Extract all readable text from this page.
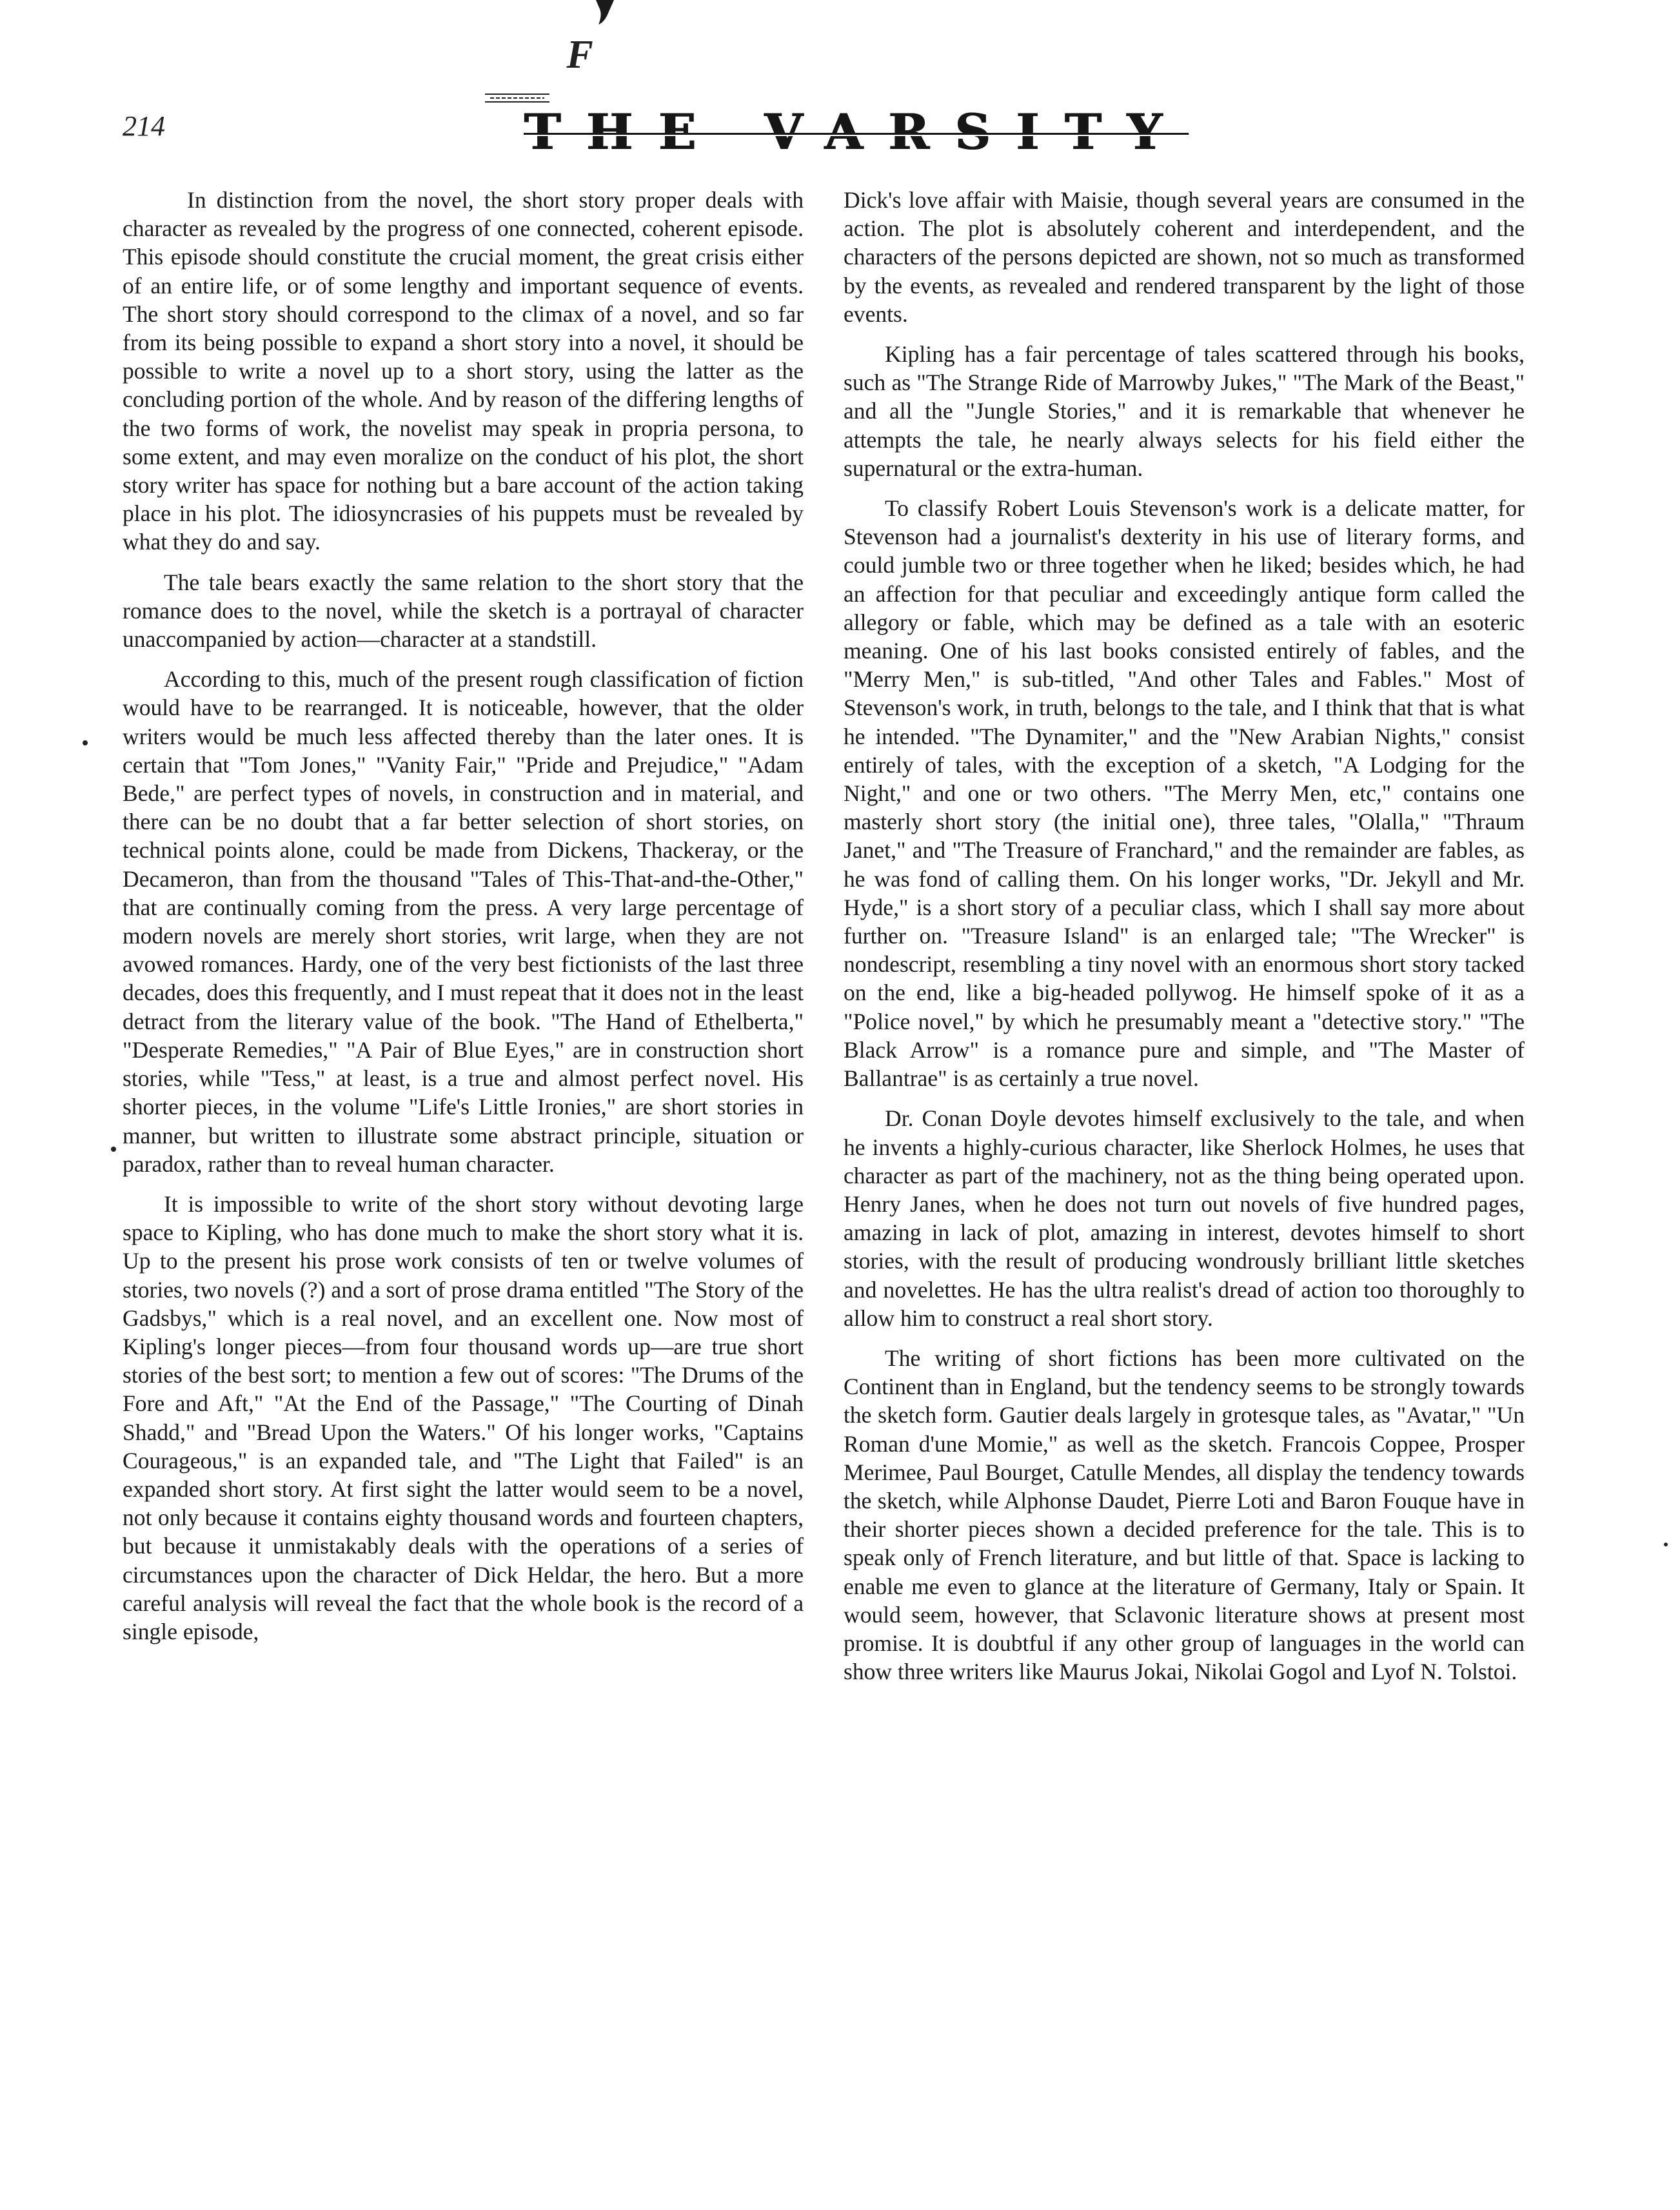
F
214	THE VARSITY

In distinction from the novel, the short story proper deals with character as revealed by the progress of one connected, coherent episode. This episode should constitute the crucial moment, the great crisis either of an entire life, or of some lengthy and important sequence of events. The short story should correspond to the climax of a novel, and so far from its being possible to expand a short story into a novel, it should be possible to write a novel up to a short story, using the latter as the concluding portion of the whole. And by reason of the differing lengths of the two forms of work, the novelist may speak in propria persona, to some extent, and may even moralize on the conduct of his plot, the short story writer has space for nothing but a bare account of the action taking place in his plot. The idiosyncrasies of his puppets must be revealed by what they do and say.

The tale bears exactly the same relation to the short story that the romance does to the novel, while the sketch is a portrayal of character unaccompanied by action—character at a standstill.

According to this, much of the present rough classification of fiction would have to be rearranged. It is noticeable, however, that the older writers would be much less affected thereby than the later ones. It is certain that "Tom Jones," "Vanity Fair," "Pride and Prejudice," "Adam Bede," are perfect types of novels, in construction and in material, and there can be no doubt that a far better selection of short stories, on technical points alone, could be made from Dickens, Thackeray, or the Decameron, than from the thousand "Tales of This-That-and-the-Other," that are continually coming from the press. A very large percentage of modern novels are merely short stories, writ large, when they are not avowed romances. Hardy, one of the very best fictionists of the last three decades, does this frequently, and I must repeat that it does not in the least detract from the literary value of the book. "The Hand of Ethelberta," "Desperate Remedies," "A Pair of Blue Eyes," are in construction short stories, while "Tess," at least, is a true and almost perfect novel. His shorter pieces, in the volume "Life's Little Ironies," are short stories in manner, but written to illustrate some abstract principle, situation or paradox, rather than to reveal human character.

It is impossible to write of the short story without devoting large space to Kipling, who has done much to make the short story what it is. Up to the present his prose work consists of ten or twelve volumes of stories, two novels (?) and a sort of prose drama entitled "The Story of the Gadsbys," which is a real novel, and an excellent one. Now most of Kipling's longer pieces—from four thousand words up—are true short stories of the best sort; to mention a few out of scores: "The Drums of the Fore and Aft," "At the End of the Passage," "The Courting of Dinah Shadd," and "Bread Upon the Waters." Of his longer works, "Captains Courageous," is an expanded tale, and "The Light that Failed" is an expanded short story. At first sight the latter would seem to be a novel, not only because it contains eighty thousand words and fourteen chapters, but because it unmistakably deals with the operations of a series of circumstances upon the character of Dick Heldar, the hero. But a more careful analysis will reveal the fact that the whole book is the record of a single episode,

Dick's love affair with Maisie, though several years are consumed in the action. The plot is absolutely coherent and interdependent, and the characters of the persons depicted are shown, not so much as transformed by the events, as revealed and rendered transparent by the light of those events.

Kipling has a fair percentage of tales scattered through his books, such as "The Strange Ride of Marrowby Jukes," "The Mark of the Beast," and all the "Jungle Stories," and it is remarkable that whenever he attempts the tale, he nearly always selects for his field either the supernatural or the extra-human.

To classify Robert Louis Stevenson's work is a delicate matter, for Stevenson had a journalist's dexterity in his use of literary forms, and could jumble two or three together when he liked; besides which, he had an affection for that peculiar and exceedingly antique form called the allegory or fable, which may be defined as a tale with an esoteric meaning. One of his last books consisted entirely of fables, and the "Merry Men," is sub-titled, "And other Tales and Fables." Most of Stevenson's work, in truth, belongs to the tale, and I think that that is what he intended. "The Dynamiter," and the "New Arabian Nights," consist entirely of tales, with the exception of a sketch, "A Lodging for the Night," and one or two others. "The Merry Men, etc," contains one masterly short story (the initial one), three tales, "Olalla," "Thraum Janet," and "The Treasure of Franchard," and the remainder are fables, as he was fond of calling them. On his longer works, "Dr. Jekyll and Mr. Hyde," is a short story of a peculiar class, which I shall say more about further on. "Treasure Island" is an enlarged tale; "The Wrecker" is nondescript, resembling a tiny novel with an enormous short story tacked on the end, like a big-headed pollywog. He himself spoke of it as a "Police novel," by which he presumably meant a "detective story." "The Black Arrow" is a romance pure and simple, and "The Master of Ballantrae" is as certainly a true novel.

Dr. Conan Doyle devotes himself exclusively to the tale, and when he invents a highly-curious character, like Sherlock Holmes, he uses that character as part of the machinery, not as the thing being operated upon. Henry Janes, when he does not turn out novels of five hundred pages, amazing in lack of plot, amazing in interest, devotes himself to short stories, with the result of producing wondrously brilliant little sketches and novelettes. He has the ultra realist's dread of action too thoroughly to allow him to construct a real short story.

The writing of short fictions has been more cultivated on the Continent than in England, but the tendency seems to be strongly towards the sketch form. Gautier deals largely in grotesque tales, as "Avatar," "Un Roman d'une Momie," as well as the sketch. Francois Coppee, Prosper Merimee, Paul Bourget, Catulle Mendes, all display the tendency towards the sketch, while Alphonse Daudet, Pierre Loti and Baron Fouque have in their shorter pieces shown a decided preference for the tale. This is to speak only of French literature, and but little of that. Space is lacking to enable me even to glance at the literature of Germany, Italy or Spain. It would seem, however, that Sclavonic literature shows at present most promise. It is doubtful if any other group of languages in the world can show three writers like Maurus Jokai, Nikolai Gogol and Lyof N. Tolstoi.
